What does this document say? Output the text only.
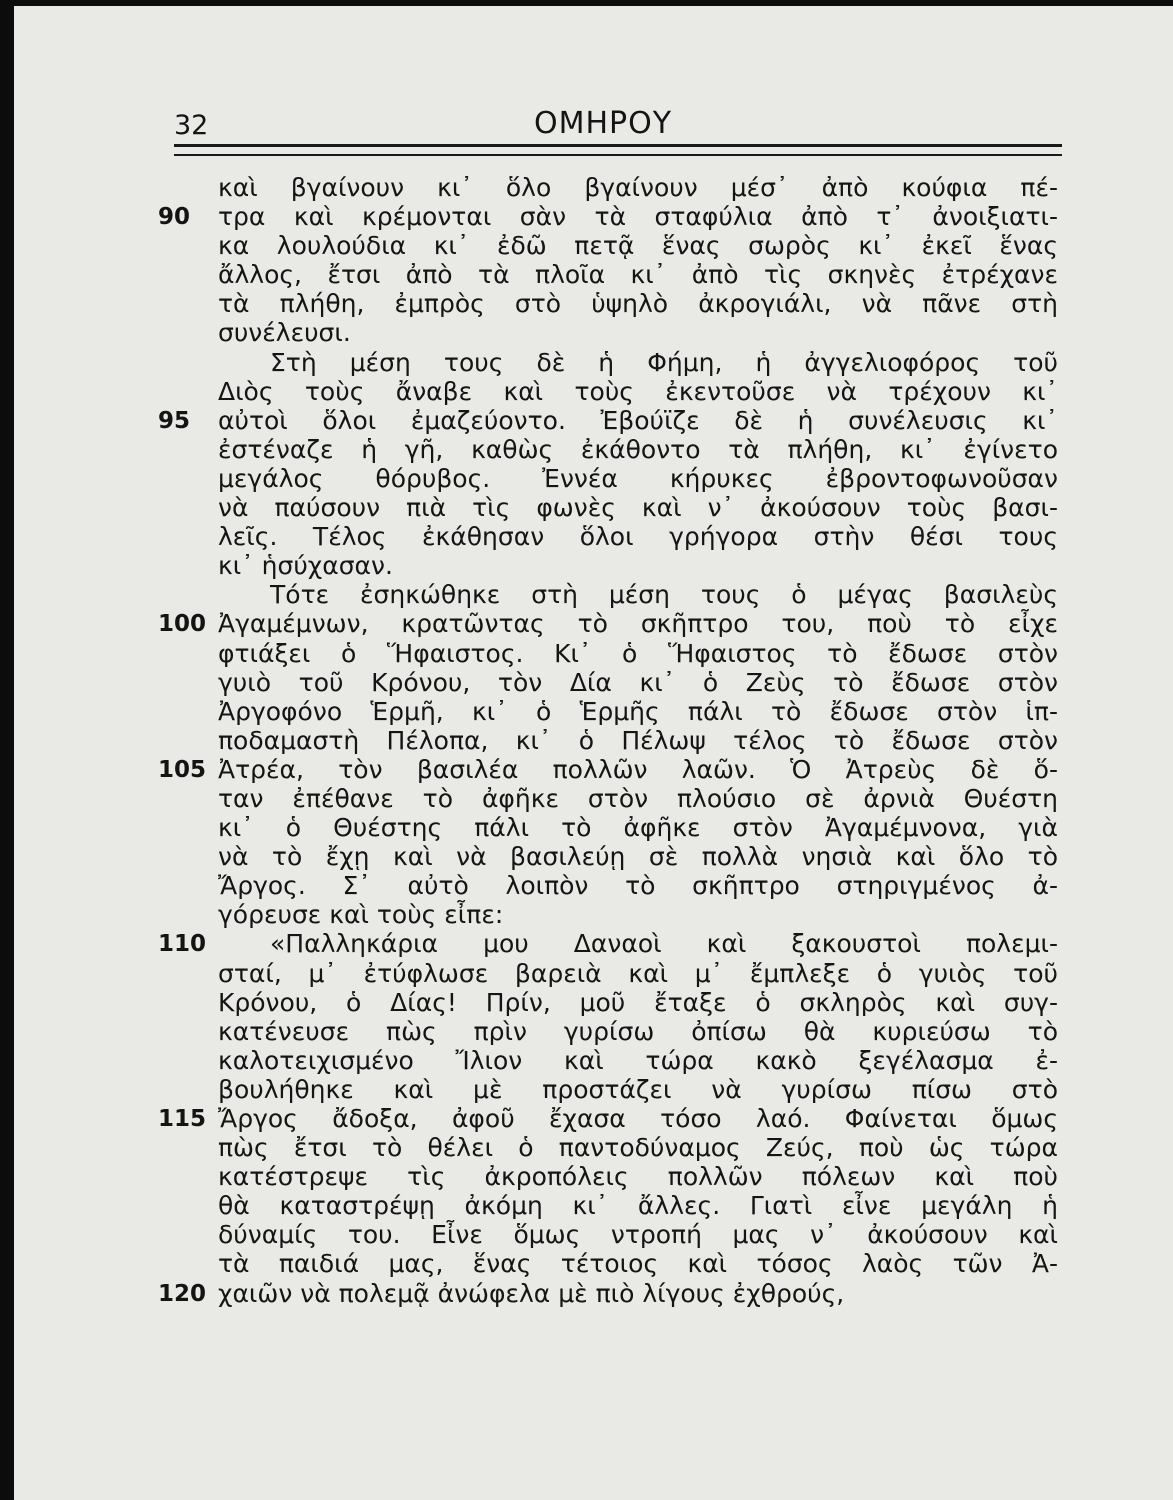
32	ΟΜΗΡΟΥ
καὶ βγαίνουν κι᾽ ὅλο βγαίνουν μέσ᾽ ἀπὸ κούφια πέ-
90	τρα καὶ κρέμονται σὰν τὰ σταφύλια ἀπὸ τ᾽ ἀνοιξιατι-
κα λουλούδια κι᾽ ἐδῶ πετᾷ ἕνας σωρὸς κι᾽ ἐκεῖ ἕνας
ἄλλος, ἔτσι ἀπὸ τὰ πλοῖα κι᾽ ἀπὸ τὶς σκηνὲς ἐτρέχανε
τὰ πλήθη, ἐμπρὸς στὸ ὑψηλὸ ἀκρογιάλι, νὰ πᾶνε στὴ
συνέλευσι.
Στὴ μέση τους δὲ ἡ Φήμη, ἡ ἀγγελιοφόρος τοῦ
Διὸς τοὺς ἄναβε καὶ τοὺς ἐκεντοῦσε νὰ τρέχουν κι᾽
95	αὐτοὶ ὅλοι ἐμαζεύοντο. Ἐβούϊζε δὲ ἡ συνέλευσις κι᾽
ἐστέναζε ἡ γῆ, καθὼς ἐκάθοντο τὰ πλήθη, κι᾽ ἐγίνετο
μεγάλος θόρυβος. Ἐννέα κήρυκες ἐβροντοφωνοῦσαν
νὰ παύσουν πιὰ τὶς φωνὲς καὶ ν᾽ ἀκούσουν τοὺς βασι-
λεῖς. Τέλος ἐκάθησαν ὅλοι γρήγορα στὴν θέσι τους
κι᾽ ἡσύχασαν.
Τότε ἐσηκώθηκε στὴ μέση τους ὁ μέγας βασιλεὺς
100 Ἀγαμέμνων, κρατῶντας τὸ σκῆπτρο του, ποὺ τὸ εἶχε
φτιάξει ὁ Ἥφαιστος. Κι᾽ ὁ Ἥφαιστος τὸ ἔδωσε στὸν
γυιὸ τοῦ Κρόνου, τὸν Δία κι᾽ ὁ Ζεὺς τὸ ἔδωσε στὸν
Ἀργοφόνο Ἑρμῆ, κι᾽ ὁ Ἑρμῆς πάλι τὸ ἔδωσε στὸν ἱπ-
ποδαμαστὴ Πέλοπα, κι᾽ ὁ Πέλωψ τέλος τὸ ἔδωσε στὸν
105 Ἀτρέα, τὸν βασιλέα πολλῶν λαῶν. Ὁ Ἀτρεὺς δὲ ὅ-
ταν ἐπέθανε τὸ ἀφῆκε στὸν πλούσιο σὲ ἀρνιὰ Θυέστη
κι᾽ ὁ Θυέστης πάλι τὸ ἀφῆκε στὸν Ἀγαμέμνονα, γιὰ
νὰ τὸ ἔχῃ καὶ νὰ βασιλεύῃ σὲ πολλὰ νησιὰ καὶ ὅλο τὸ
Ἄργος. Σ᾽ αὐτὸ λοιπὸν τὸ σκῆπτρο στηριγμένος ἀ-
γόρευσε καὶ τοὺς εἶπε:
110	«Παλληκάρια μου Δαναοὶ καὶ ξακουστοὶ πολεμι-
σταί, μ᾽ ἐτύφλωσε βαρειὰ καὶ μ᾽ ἔμπλεξε ὁ γυιὸς τοῦ
Κρόνου, ὁ Δίας! Πρίν, μοῦ ἔταξε ὁ σκληρὸς καὶ συγ-
κατένευσε πὼς πρὶν γυρίσω ὀπίσω θὰ κυριεύσω τὸ
καλοτειχισμένο Ἴλιον καὶ τώρα κακὸ ξεγέλασμα ἐ-
βουλήθηκε καὶ μὲ προστάζει νὰ γυρίσω πίσω στὸ
115 Ἄργος ἄδοξα, ἀφοῦ ἔχασα τόσο λαό. Φαίνεται ὅμως
πὼς ἔτσι τὸ θέλει ὁ παντοδύναμος Ζεύς, ποὺ ὡς τώρα
κατέστρεψε τὶς ἀκροπόλεις πολλῶν πόλεων καὶ ποὺ
θὰ καταστρέψῃ ἀκόμη κι᾽ ἄλλες. Γιατὶ εἶνε μεγάλη ἡ
δύναμίς του. Εἶνε ὅμως ντροπή μας ν᾽ ἀκούσουν καὶ
τὰ παιδιά μας, ἕνας τέτοιος καὶ τόσος λαὸς τῶν Ἀ-
120 χαιῶν νὰ πολεμᾷ ἀνώφελα μὲ πιὸ λίγους ἐχθρούς,
